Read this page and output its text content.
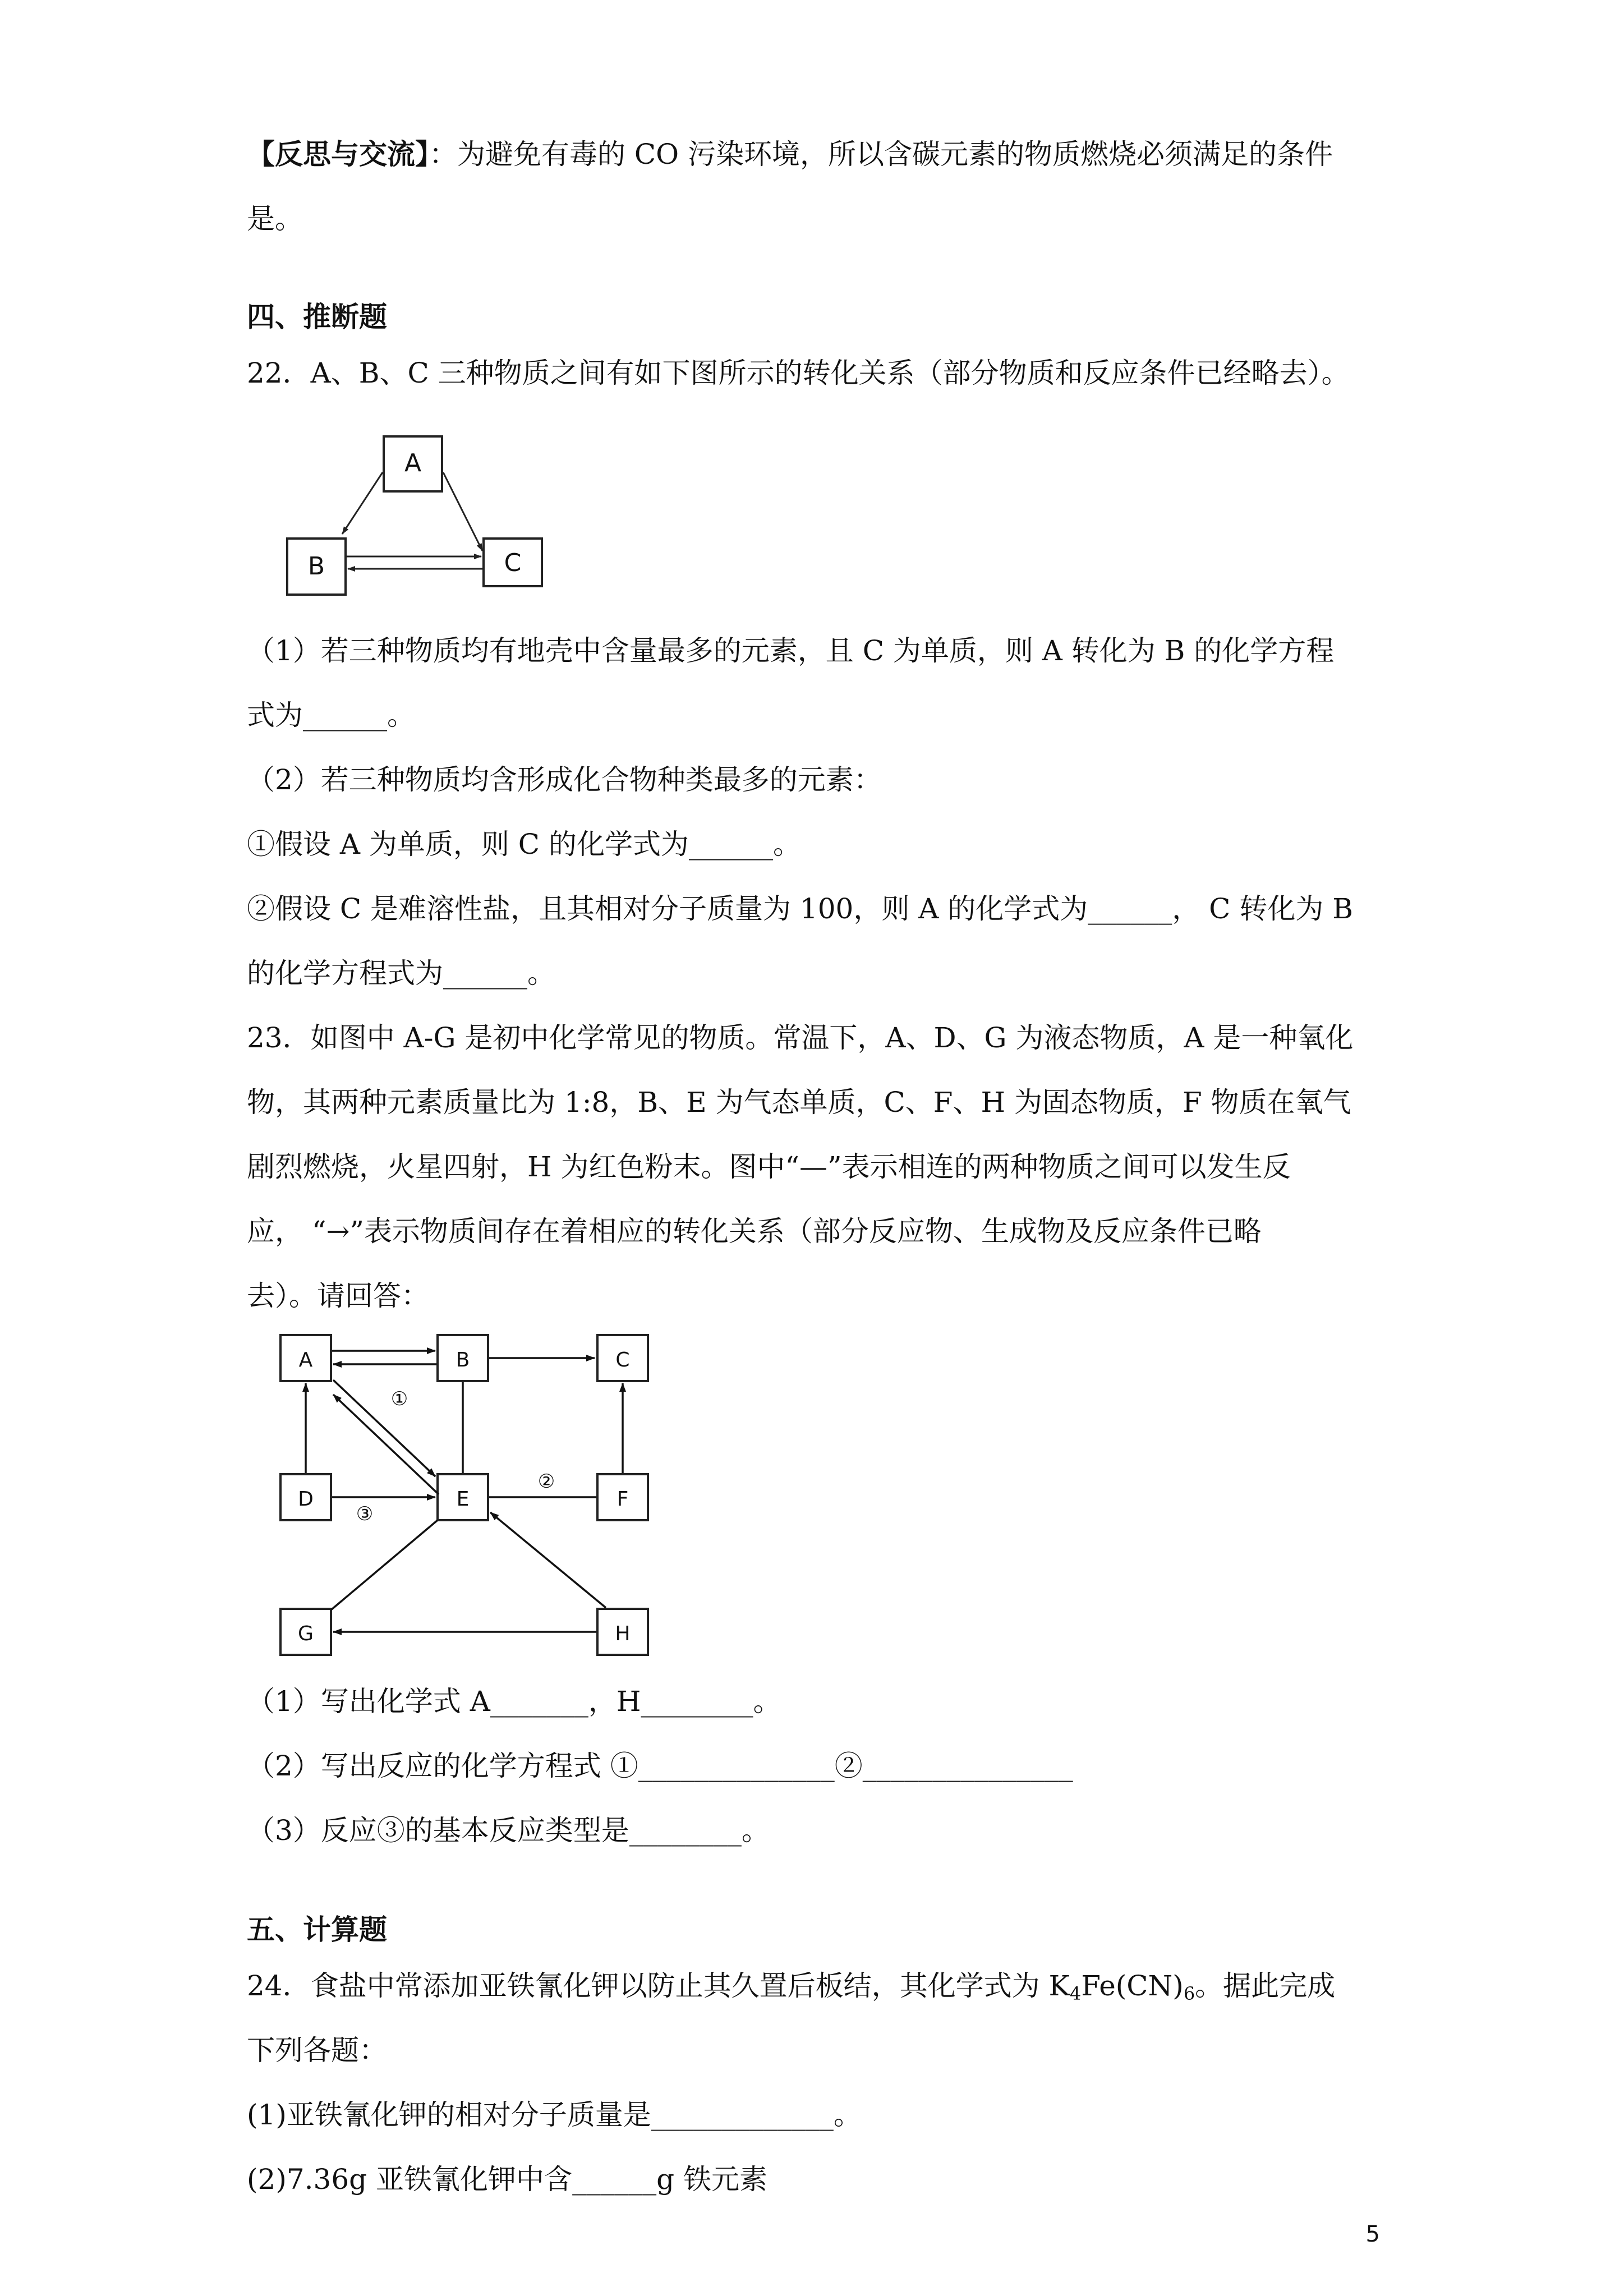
【反思与交流】：为避免有毒的 CO 污染环境，所以含碳元素的物质燃烧必须满足的条件
是。
四、推断题
22．A、B、C 三种物质之间有如下图所示的转化关系（部分物质和反应条件已经略去）。
A
B	C
（1）若三种物质均有地壳中含量最多的元素，且 C 为单质，则 A 转化为 B 的化学方程
式为______。
（2）若三种物质均含形成化合物种类最多的元素：
①假设 A 为单质，则 C 的化学式为______。
②假设 C 是难溶性盐，且其相对分子质量为 100，则 A 的化学式为______， C 转化为 B
的化学方程式为______。
23．如图中 A-G 是初中化学常见的物质。常温下，A、D、G 为液态物质，A 是一种氧化
物，其两种元素质量比为 1:8，B、E 为气态单质，C、F、H 为固态物质，F 物质在氧气
剧烈燃烧，火星四射，H 为红色粉末。图中“—”表示相连的两种物质之间可以发生反
应， “→”表示物质间存在着相应的转化关系（部分反应物、生成物及反应条件已略
去）。请回答：
A	B	C
D	E	F
G	H
①
②
③
（1）写出化学式 A_______，H________。
（2）写出反应的化学方程式 ①______________②_______________
（3）反应③的基本反应类型是________。
五、计算题
24．食盐中常添加亚铁氰化钾以防止其久置后板结，其化学式为 $K_4Fe(CN)_6$。据此完成
下列各题：
(1)亚铁氰化钾的相对分子质量是_____________。
(2)7.36g 亚铁氰化钾中含______g 铁元素
5
